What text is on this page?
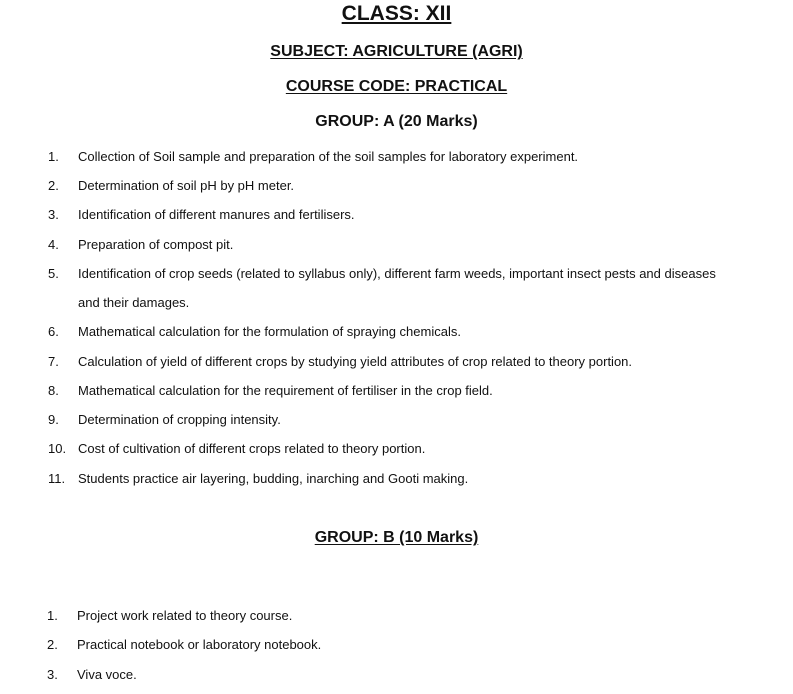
CLASS: XII
SUBJECT: AGRICULTURE (AGRI)
COURSE CODE: PRACTICAL
GROUP: A (20 Marks)
1. Collection of Soil sample and preparation of the soil samples for laboratory experiment.
2. Determination of soil pH by pH meter.
3. Identification of different manures and fertilisers.
4. Preparation of compost pit.
5. Identification of crop seeds (related to syllabus only), different farm weeds, important insect pests and diseases
and their damages.
6. Mathematical calculation for the formulation of spraying chemicals.
7. Calculation of yield of different crops by studying yield attributes of crop related to theory portion.
8. Mathematical calculation for the requirement of fertiliser in the crop field.
9. Determination of cropping intensity.
10. Cost of cultivation of different crops related to theory portion.
11. Students practice air layering, budding, inarching and Gooti making.
GROUP: B (10 Marks)
1. Project work related to theory course.
2. Practical notebook or laboratory notebook.
3. Viva voce.
